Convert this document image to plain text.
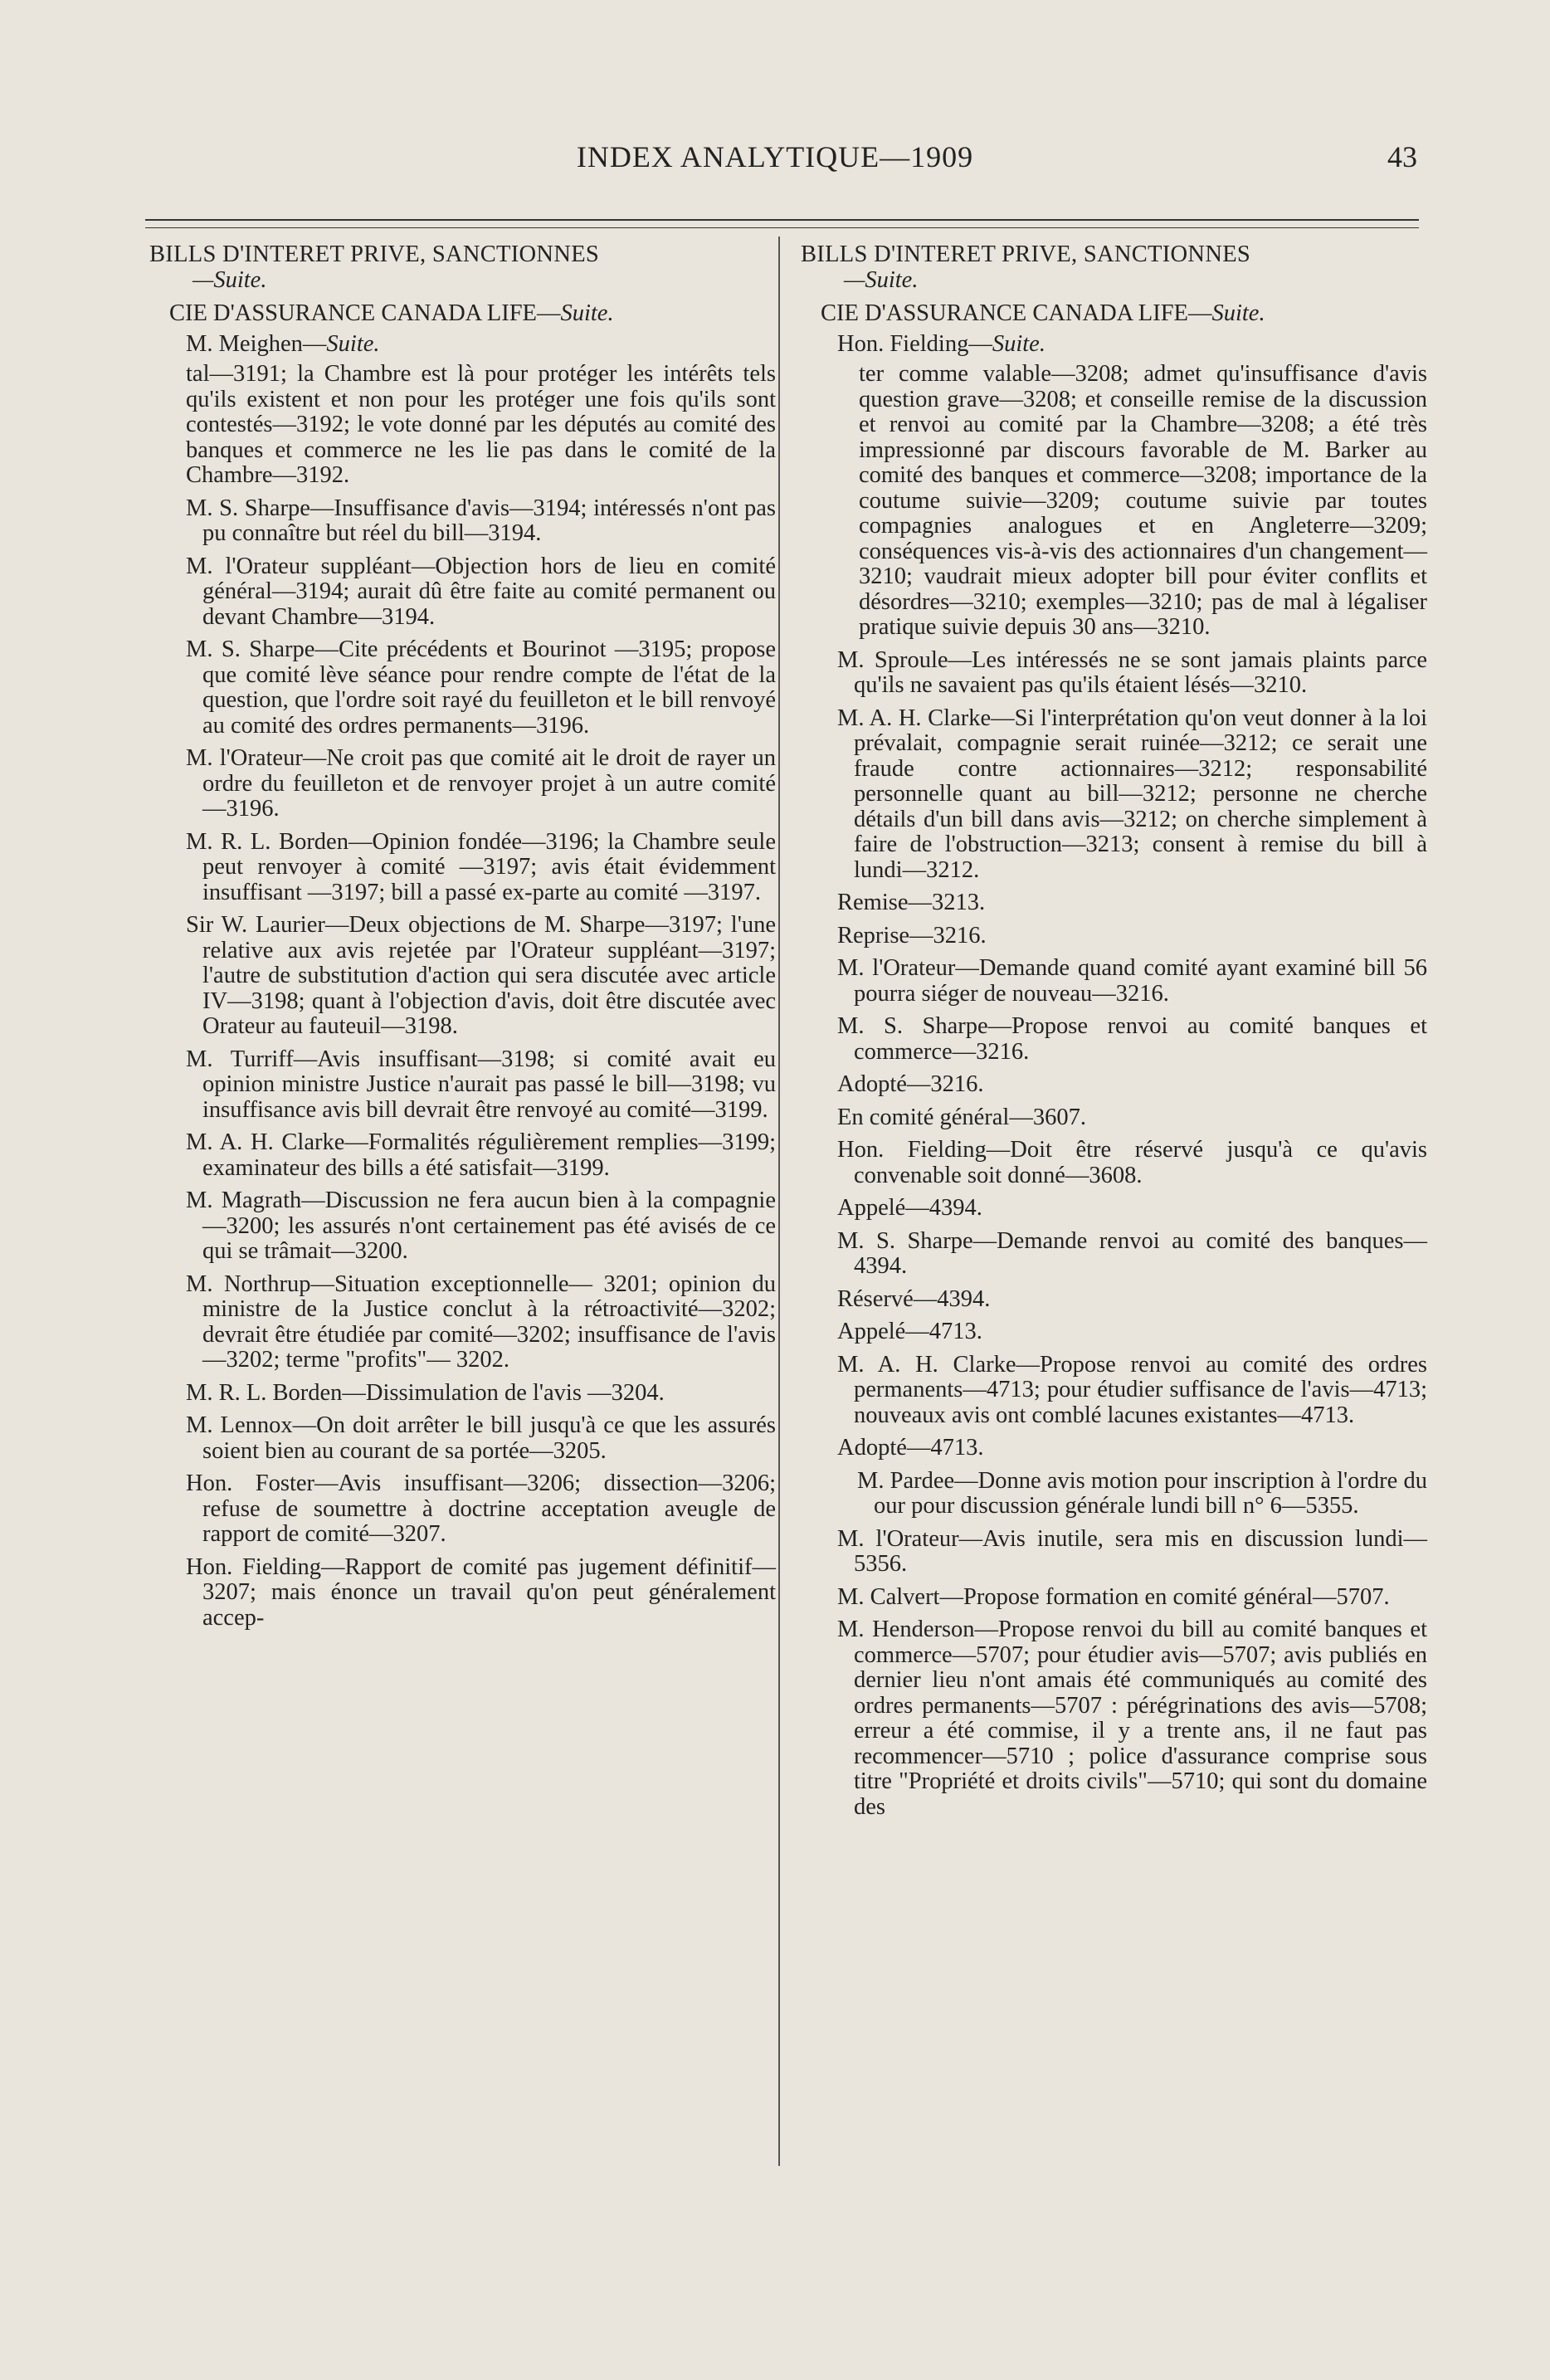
INDEX ANALYTIQUE—1909	43

BILLS D'INTERET PRIVE, SANCTIONNES

—Suite.

CIE D'ASSURANCE CANADA LIFE—Suite.

M. Meighen—Suite.

tal—3191; la Chambre est là pour protéger les intérêts tels qu'ils existent et non pour les protéger une fois qu'ils sont contestés—3192; le vote donné par les députés au comité des banques et commerce ne les lie pas dans le comité de la Chambre—3192.

M. S. Sharpe—Insuffisance d'avis—3194; intéressés n'ont pas pu connaître but réel du bill—3194.

M. l'Orateur suppléant—Objection hors de lieu en comité général—3194; aurait dû être faite au comité permanent ou devant Chambre—3194.

M. S. Sharpe—Cite précédents et Bourinot —3195; propose que comité lève séance pour rendre compte de l'état de la question, que l'ordre soit rayé du feuilleton et le bill renvoyé au comité des ordres permanents—3196.

M. l'Orateur—Ne croit pas que comité ait le droit de rayer un ordre du feuilleton et de renvoyer projet à un autre comité —3196.

M. R. L. Borden—Opinion fondée—3196; la Chambre seule peut renvoyer à comité —3197; avis était évidemment insuffisant —3197; bill a passé ex-parte au comité —3197.

Sir W. Laurier—Deux objections de M. Sharpe—3197; l'une relative aux avis rejetée par l'Orateur suppléant—3197; l'autre de substitution d'action qui sera discutée avec article IV—3198; quant à l'objection d'avis, doit être discutée avec Orateur au fauteuil—3198.

M. Turriff—Avis insuffisant—3198; si comité avait eu opinion ministre Justice n'aurait pas passé le bill—3198; vu insuffisance avis bill devrait être renvoyé au comité—3199.

M. A. H. Clarke—Formalités régulièrement remplies—3199; examinateur des bills a été satisfait—3199.

M. Magrath—Discussion ne fera aucun bien à la compagnie—3200; les assurés n'ont certainement pas été avisés de ce qui se trâmait—3200.

M. Northrup—Situation exceptionnelle— 3201; opinion du ministre de la Justice conclut à la rétroactivité—3202; devrait être étudiée par comité—3202; insuffisance de l'avis—3202; terme "profits"— 3202.

M. R. L. Borden—Dissimulation de l'avis —3204.

M. Lennox—On doit arrêter le bill jusqu'à ce que les assurés soient bien au courant de sa portée—3205.

Hon. Foster—Avis insuffisant—3206; dissection—3206; refuse de soumettre à doctrine acceptation aveugle de rapport de comité—3207.

Hon. Fielding—Rapport de comité pas jugement définitif—3207; mais énonce un travail qu'on peut généralement accep-

BILLS D'INTERET PRIVE, SANCTIONNES

—Suite.

CIE D'ASSURANCE CANADA LIFE—Suite.

Hon. Fielding—Suite.

ter comme valable—3208; admet qu'insuffisance d'avis question grave—3208; et conseille remise de la discussion et renvoi au comité par la Chambre—3208; a été très impressionné par discours favorable de M. Barker au comité des banques et commerce—3208; importance de la coutume suivie—3209; coutume suivie par toutes compagnies analogues et en Angleterre—3209; conséquences vis-à-vis des actionnaires d'un changement— 3210; vaudrait mieux adopter bill pour éviter conflits et désordres—3210; exemples—3210; pas de mal à légaliser pratique suivie depuis 30 ans—3210.

M. Sproule—Les intéressés ne se sont jamais plaints parce qu'ils ne savaient pas qu'ils étaient lésés—3210.

M. A. H. Clarke—Si l'interprétation qu'on veut donner à la loi prévalait, compagnie serait ruinée—3212; ce serait une fraude contre actionnaires—3212; responsabilité personnelle quant au bill—3212; personne ne cherche détails d'un bill dans avis—3212; on cherche simplement à faire de l'obstruction—3213; consent à remise du bill à lundi—3212.

Remise—3213.

Reprise—3216.

M. l'Orateur—Demande quand comité ayant examiné bill 56 pourra siéger de nouveau—3216.

M. S. Sharpe—Propose renvoi au comité banques et commerce—3216.

Adopté—3216.

En comité général—3607.

Hon. Fielding—Doit être réservé jusqu'à ce qu'avis convenable soit donné—3608.

Appelé—4394.

M. S. Sharpe—Demande renvoi au comité des banques—4394.

Réservé—4394.

Appelé—4713.

M. A. H. Clarke—Propose renvoi au comité des ordres permanents—4713; pour étudier suffisance de l'avis—4713; nouveaux avis ont comblé lacunes existantes—4713.

Adopté—4713.

M. Pardee—Donne avis motion pour inscription à l'ordre du our pour discussion générale lundi bill n° 6—5355.

M. l'Orateur—Avis inutile, sera mis en discussion lundi—5356.

M. Calvert—Propose formation en comité général—5707.

M. Henderson—Propose renvoi du bill au comité banques et commerce—5707; pour étudier avis—5707; avis publiés en dernier lieu n'ont amais été communiqués au comité des ordres permanents—5707 : pérégrinations des avis—5708; erreur a été commise, il y a trente ans, il ne faut pas recommencer—5710 ; police d'assurance comprise sous titre "Propriété et droits civils"—5710; qui sont du domaine des
